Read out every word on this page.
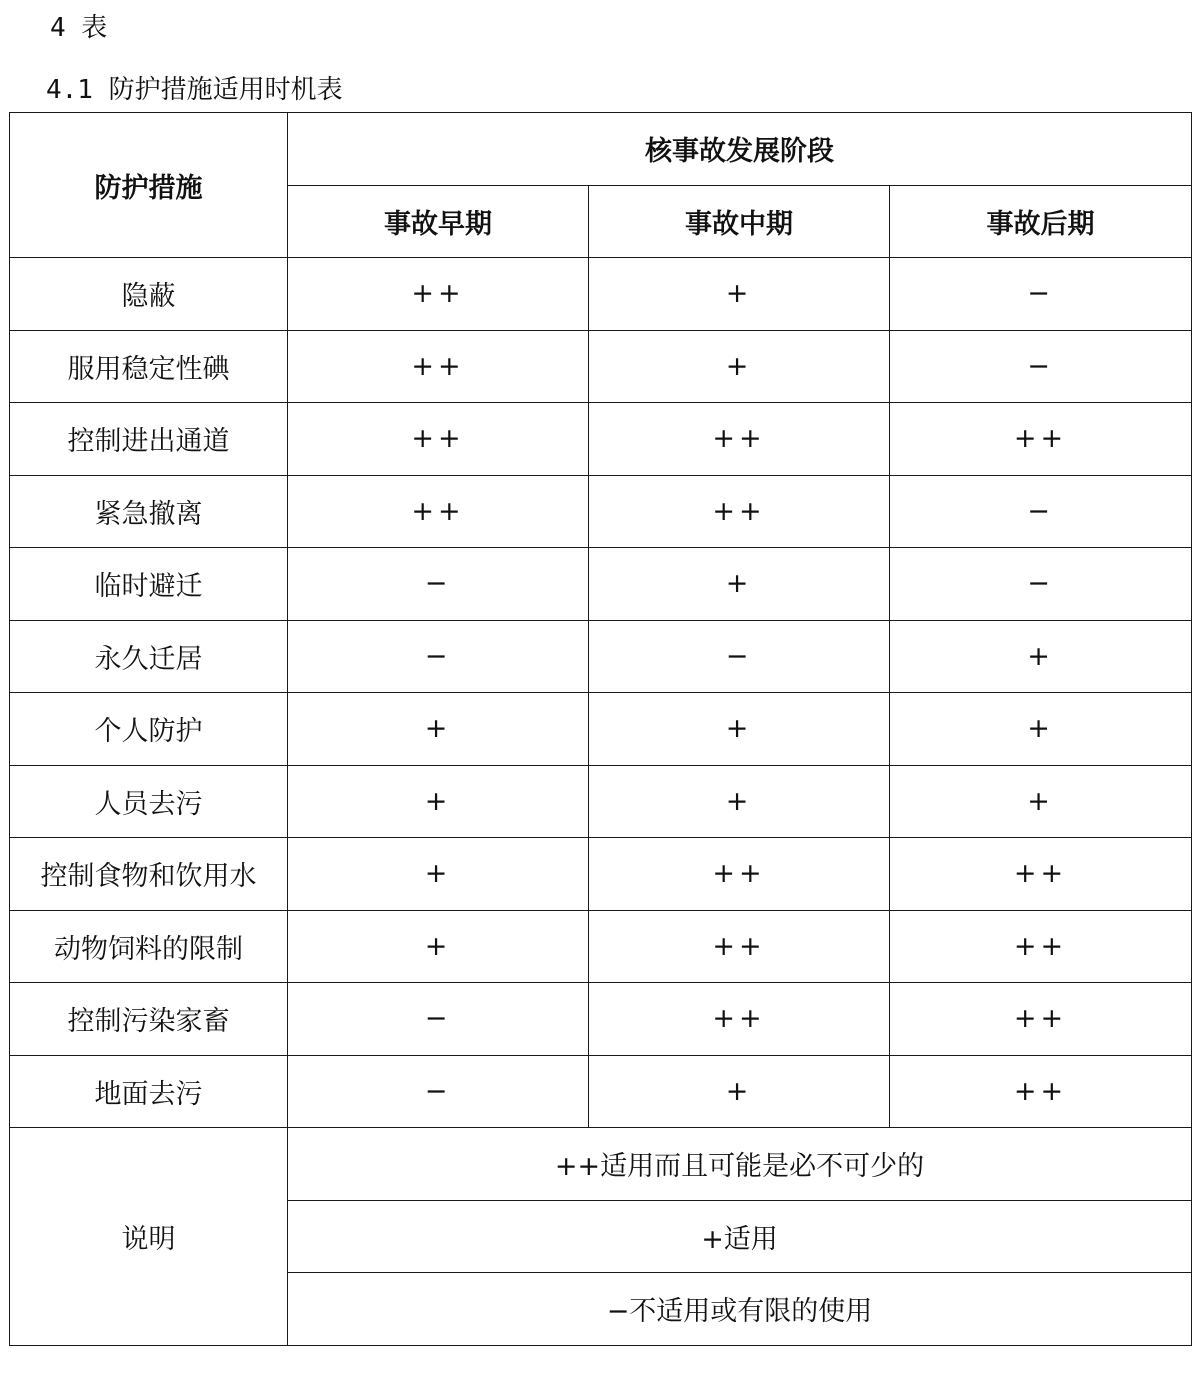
4 表
4.1 防护措施适用时机表
防护措施	核事故发展阶段		
	事故早期	事故中期	事故后期
隐蔽	++	+	−
服用稳定性碘	++	+	−
控制进出通道	++	++	++
紧急撤离	++	++	−
临时避迁	−	+	−
永久迁居	−	−	+
个人防护	+	+	+
人员去污	+	+	+
控制食物和饮用水	+	++	++
动物饲料的限制	+	++	++
控制污染家畜	−	++	++
地面去污	−	+	++
说明	++适用而且可能是必不可少的		
	+适用		
	−不适用或有限的使用		
